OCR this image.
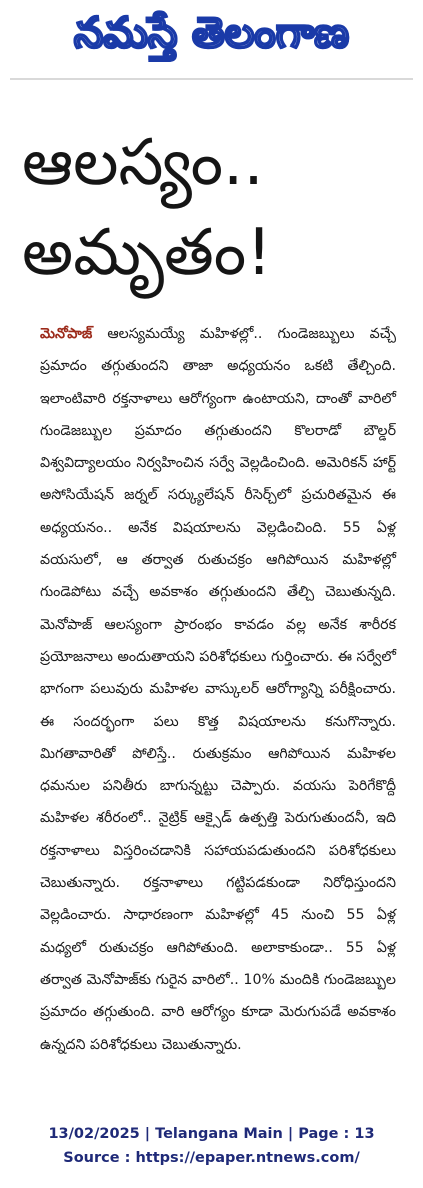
నమస్తే తెలంగాణ
ఆలస్యం..
అమృతం!
మెనోపాజ్ ఆలస్యమయ్యే మహిళల్లో.. గుండెజబ్బులు వచ్చే ప్రమాదం తగ్గుతుందని తాజా అధ్యయనం ఒకటి తేల్చింది. ఇలాంటివారి రక్తనాళాలు ఆరోగ్యంగా ఉంటాయని, దాంతో వారిలో గుండెజబ్బుల ప్రమాదం తగ్గుతుందని కొలరాడో బౌల్డర్ విశ్వవిద్యాలయం నిర్వహించిన సర్వే వెల్లడించింది. అమెరికన్ హార్ట్ అసోసియేషన్ జర్నల్ సర్క్యులేషన్ రీసెర్చ్‌లో ప్రచురితమైన ఈ అధ్యయనం.. అనేక విషయాలను వెల్లడించింది. 55 ఏళ్ల వయసులో, ఆ తర్వాత రుతుచక్రం ఆగిపోయిన మహిళల్లో గుండెపోటు వచ్చే అవకాశం తగ్గుతుందని తేల్చి చెబుతున్నది. మెనోపాజ్ ఆలస్యంగా ప్రారంభం కావడం వల్ల అనేక శారీరక ప్రయోజనాలు అందుతాయని పరిశోధకులు గుర్తించారు. ఈ సర్వేలో భాగంగా పలువురు మహిళల వాస్కులర్ ఆరోగ్యాన్ని పరీక్షించారు. ఈ సందర్భంగా పలు కొత్త విషయాలను కనుగొన్నారు. మిగతావారితో పోలిస్తే.. రుతుక్రమం ఆగిపోయిన మహిళల ధమనుల పనితీరు బాగున్నట్టు చెప్పారు. వయసు పెరిగేకొద్దీ మహిళల శరీరంలో.. నైట్రిక్ ఆక్సైడ్ ఉత్పత్తి పెరుగుతుందనీ, ఇది రక్తనాళాలు విస్తరించడానికి సహాయపడుతుందని పరిశోధకులు చెబుతున్నారు. రక్తనాళాలు గట్టిపడకుండా నిరోధిస్తుందని వెల్లడించారు. సాధారణంగా మహిళల్లో 45 నుంచి 55 ఏళ్ల మధ్యలో రుతుచక్రం ఆగిపోతుంది. అలాకాకుండా.. 55 ఏళ్ల తర్వాత మెనోపాజ్‌కు గురైన వారిలో.. 10% మందికి గుండెజబ్బుల ప్రమాదం తగ్గుతుంది. వారి ఆరోగ్యం కూడా మెరుగుపడే అవకాశం ఉన్నదని పరిశోధకులు చెబుతున్నారు.
13/02/2025 | Telangana Main | Page : 13
Source : https://epaper.ntnews.com/
